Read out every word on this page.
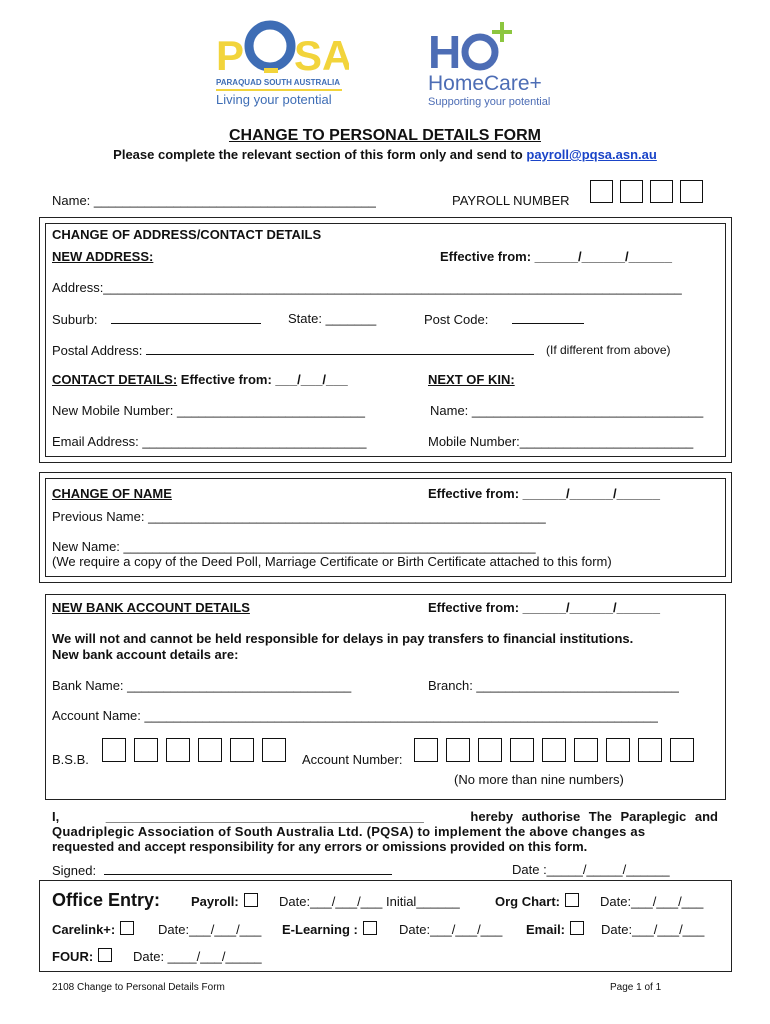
P SA
PARAQUAD SOUTH AUSTRALIA
Living your potential
H
HomeCare+
Supporting your potential
CHANGE TO PERSONAL DETAILS FORM
Please complete the relevant section of this form only and send to payroll@pqsa.asn.au
Name: _______________________________________	PAYROLL NUMBER
CHANGE OF ADDRESS/CONTACT DETAILS
NEW ADDRESS:	Effective from: ______/______/______
Address:________________________________________________________________________________
Suburb:	State: _______	Post Code:
Postal Address:	(If different from above)
CONTACT DETAILS: Effective from: ___/___/___	NEXT OF KIN:
New Mobile Number: __________________________	Name: ________________________________
Email Address: _______________________________	Mobile Number:________________________
CHANGE OF NAME	Effective from: ______/______/______
Previous Name: _______________________________________________________
New Name: _________________________________________________________
(We require a copy of the Deed Poll, Marriage Certificate or Birth Certificate attached to this form)
NEW BANK ACCOUNT DETAILS	Effective from: ______/______/______
We will not and cannot be held responsible for delays in pay transfers to financial institutions.
New bank account details are:
Bank Name: _______________________________	Branch: ____________________________
Account Name: _______________________________________________________________________
B.S.B.	Account Number:
(No more than nine numbers)
I,	____________________________________________	hereby authorise The Paraplegic and
Quadriplegic Association of South Australia Ltd. (PQSA) to implement the above changes as
requested and accept responsibility for any errors or omissions provided on this form.
Signed:	Date :_____/_____/______
Office Entry: Payroll:	Date:___/___/___ Initial______	Org Chart:	Date:___/___/___
Carelink+:	Date:___/___/___ E-Learning :	Date:___/___/___ Email:	Date:___/___/___
FOUR:	Date: ____/___/_____
2108 Change to Personal Details Form	Page 1 of 1
